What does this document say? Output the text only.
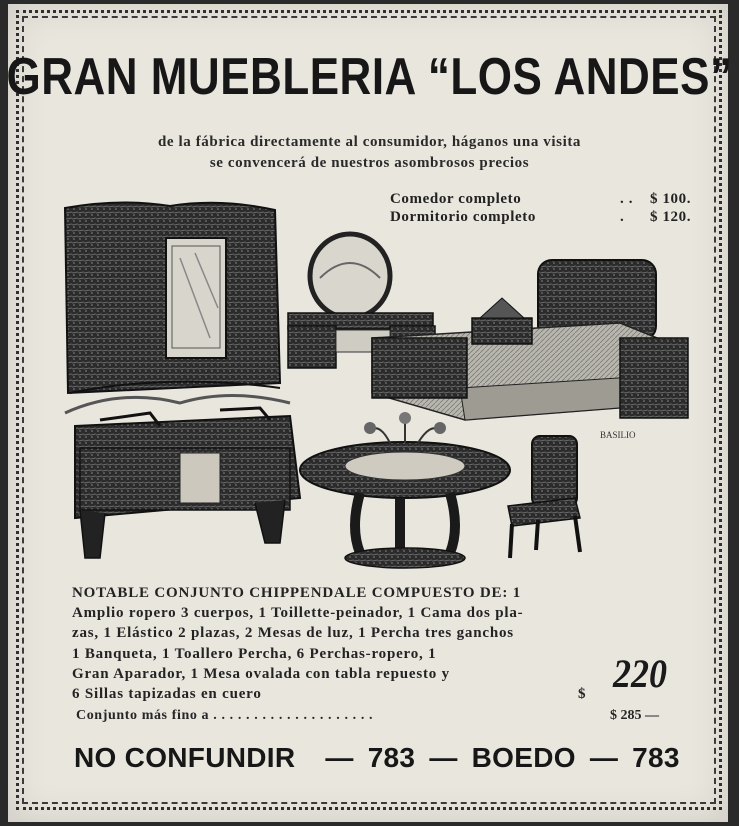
GRAN MUEBLERIA “LOS ANDES”
de la fábrica directamente al consumidor, háganos una visita
se convencerá de nuestros asombrosos precios
Comedor completo	. . $ 100.
Dormitorio completo	. $ 120.
BASILIO
NOTABLE CONJUNTO CHIPPENDALE COMPUESTO DE: 1
Amplio ropero 3 cuerpos, 1 Toillette-peinador, 1 Cama dos pla-
zas, 1 Elástico 2 plazas, 2 Mesas de luz, 1 Percha tres ganchos
1 Banqueta, 1 Toallero Percha, 6 Perchas-ropero, 1
Gran Aparador, 1 Mesa ovalada con tabla repuesto y
6 Sillas tapizadas en cuero	$ 220
Conjunto más fino a . . . . . . . . . . . . . . . . . . . .	$ 285 —
NO CONFUNDIR — 783 — BOEDO — 783
